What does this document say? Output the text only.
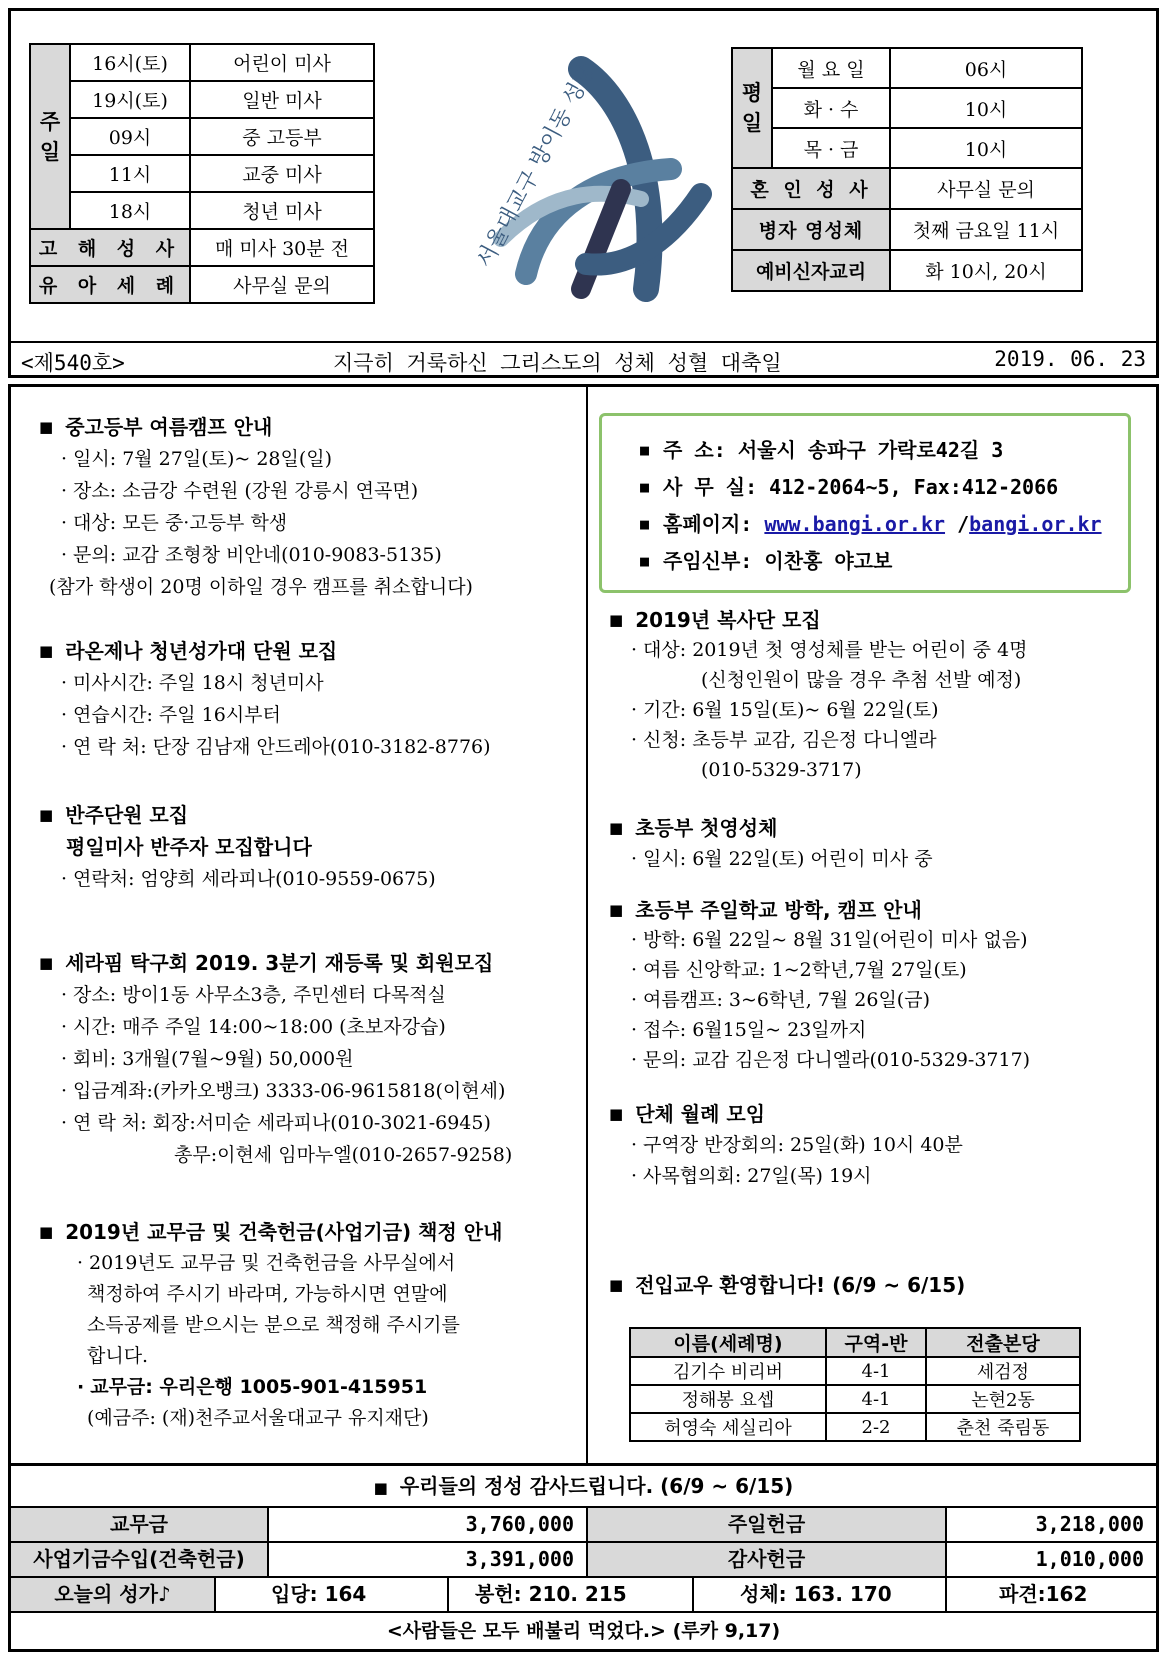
주 일	16시(토)	어린이 미사
	19시(토)	일반 미사
	09시	중 고등부
	11시	교중 미사
	18시	청년 미사
고 해 성 사		매 미사 30분 전
유 아 세 례		사무실 문의
서울대교구 방이동 성당	평 일	월 요 일	06시
	화 · 수	10시
	목 · 금	10시
혼 인 성 사		사무실 문의
병자 영성체		첫째 금요일 11시
예비신자교리		화 10시, 20시
<제540호>	지극히 거룩하신 그리스도의 성체 성혈 대축일	2019. 06. 23
■ 중고등부 여름캠프 안내
· 일시: 7월 27일(토)~ 28일(일)
· 장소: 소금강 수련원 (강원 강릉시 연곡면)
· 대상: 모든 중·고등부 학생
· 문의: 교감 조형창 비안네(010-9083-5135)
(참가 학생이 20명 이하일 경우 캠프를 취소합니다)
■ 라온제나 청년성가대 단원 모집
· 미사시간: 주일 18시 청년미사
· 연습시간: 주일 16시부터
· 연 락 처: 단장 김남재 안드레아(010-3182-8776)
■ 반주단원 모집
평일미사 반주자 모집합니다
· 연락처: 엄양희 세라피나(010-9559-0675)
■ 세라핌 탁구회 2019. 3분기 재등록 및 회원모집
· 장소: 방이1동 사무소3층, 주민센터 다목적실
· 시간: 매주 주일 14:00~18:00 (초보자강습)
· 회비: 3개월(7월~9월) 50,000원
· 입금계좌:(카카오뱅크) 3333-06-9615818(이현세)
· 연 락 처: 회장:서미순 세라피나(010-3021-6945)
총무:이현세 임마누엘(010-2657-9258)
■ 2019년 교무금 및 건축헌금(사업기금) 책정 안내
· 2019년도 교무금 및 건축헌금을 사무실에서
책정하여 주시기 바라며, 가능하시면 연말에
소득공제를 받으시는 분으로 책정해 주시기를
합니다.
· 교무금: 우리은행 1005-901-415951
(예금주: (재)천주교서울대교구 유지재단)
■ 주 소: 서울시 송파구 가락로42길 3
■ 사 무 실: 412-2064~5, Fax:412-2066
■ 홈페이지: www.bangi.or.kr /bangi.or.kr
■ 주임신부: 이찬홍 야고보
■ 2019년 복사단 모집
· 대상: 2019년 첫 영성체를 받는 어린이 중 4명
(신청인원이 많을 경우 추첨 선발 예정)
· 기간: 6월 15일(토)~ 6월 22일(토)
· 신청: 초등부 교감, 김은정 다니엘라
(010-5329-3717)
■ 초등부 첫영성체
· 일시: 6월 22일(토) 어린이 미사 중
■ 초등부 주일학교 방학, 캠프 안내
· 방학: 6월 22일~ 8월 31일(어린이 미사 없음)
· 여름 신앙학교: 1~2학년,7월 27일(토)
· 여름캠프: 3~6학년, 7월 26일(금)
· 접수: 6월15일~ 23일까지
· 문의: 교감 김은정 다니엘라(010-5329-3717)
■ 단체 월례 모임
· 구역장 반장회의: 25일(화) 10시 40분
· 사목협의회: 27일(목) 19시
■ 전입교우 환영합니다! (6/9 ~ 6/15)
이름(세례명)	구역-반	전출본당
김기수 비리버	4-1	세검정
정해봉 요셉	4-1	논현2동
허영숙 세실리아	2-2	춘천 죽림동
■ 우리들의 정성 감사드립니다. (6/9 ~ 6/15)
교무금	3,760,000	주일헌금	3,218,000
사업기금수입(건축헌금)	3,391,000	감사헌금	1,010,000
오늘의 성가♪	입당: 164	봉헌: 210. 215	성체: 163. 170	파견:162
<사람들은 모두 배불리 먹었다.> (루카 9,17)
